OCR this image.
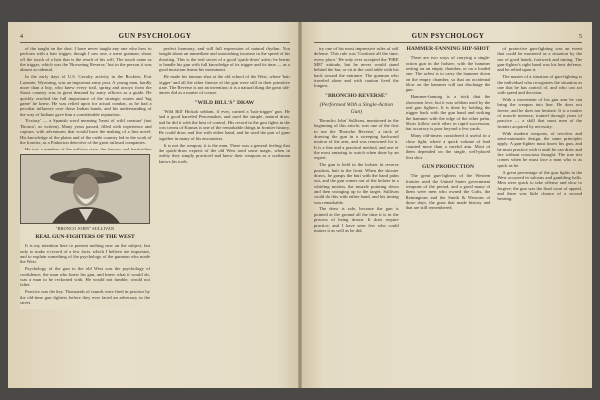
4	GUN PSYCHOLOGY

of the taught on the shot. I have never taught any one who how to perform with a hair trigger, though I saw one, a mere gunman, shoot off the touch of a hair that is the result of his will. The touch came as the trigger, which was the 'Browning Reverse,' but in the person it was almost accidental.

In the early days of U.S. Cavalry activity in the Rockies, Fort Laramie, Wyoming, was an important army post. A young man, hardly more than a boy, who knew every trail, spring and arroyo from the Sioux country was in great demand by army officers as a guide. He quickly reached the full importance of the strategic routes and 'big game' he knew. He was relied upon for actual combat, as he had a peculiar influence over those Indian bands, and his understanding of the way of Indians gave him a considerable reputation.

'Ecstasy' — a Spanish word meaning 'beast of wild creature' (not 'Bronco', as written). Many years passed, filled with experience and capture, with adventures that would have the making of a fine novel. His knowledge of the plains and of the cattle country led to the work of the frontier, as a Pinkerton detective of the great railroad companies.

perfect harmony, and will full expression of natural rhythm. You bought about an immediate and astonishing increase in the speed of his shooting. This is the real secret of a good 'quick-draw' artist; he learns to handle his gun with full knowledge of its trigger and its time — as a good musician learns his instrument.

He made his famous shot at the old school of the West, where 'hair trigger' and all the other finesse of the gun were still in their primitive state. The Reverse is not an invention; it is a natural thing the great old-timers did as a matter of course.

"WILD BILL'S" DRAW

'Wild Bill' Hickok seldom, if ever, carried a 'hair-trigger' gun. He had a good barreled Peacemaker, and used the simple, natural draw, and he did it with the best of control. His record in the gun fights in the cow towns of Kansas is one of the remarkable things in frontier history. He could draw and fire with either hand, and he used the pair of guns together in many of his encounters.

It is not the weapon; it is the man. There was a general feeling that the quick-draw experts of the old West used some magic, when in reality they simply practiced and knew their weapons as a craftsman knows his tools.

"BRONCO JOHN" SULLIVAN
REAL GUN-FIGHTERS OF THE WEST

It is my intention here to present nothing new on the subject, but only to make a record of a few facts, which I believe are important, and to explain something of the psychology of the gunman who made the West.

Psychology of the gun to the old West was the psychology of confidence; the man who knew his gun, and knew what it would do, was a man to be reckoned with. He would not fumble, would not falter.

Practice was the key. Thousands of rounds were fired in practice by the old-time gun fighters before they ever faced an adversary in the street.

GUN PSYCHOLOGY	5

try one of his most impressive rules of self defense. This rule was 'Confront all the time, every place.' He only ever accepted the 'FIRE ME!' attitude, but he never would stand behind the bar, or sit at the card table with his back toward the entrance. The gunman who traveled alone and with caution lived the longest.

"BRONCHO REVERSE"
(Performed With a Single-Action Gun)

'Broncho John' Sullivan, mentioned in the beginning of this article, was one of the first to use the 'Broncho Reverse,' a trick of drawing the gun in a sweeping backward motion of the arm, and was renowned for it. It is a fine and a practical method, and one of the most amazing to watch when done by an expert.

The gun is held in the holster in reverse position, butt to the front. When the shooter draws, he grasps the butt with the hand palm out, and the gun comes out of the holster in a whirling motion, the muzzle pointing down and then swinging up to the target. Sullivan could do this with either hand, and his timing was remarkable.

The draw is safe, because the gun is pointed at the ground all the time it is in the process of being drawn. It does require practice, and I have seen few who could master it as well as he did.

HAMMER-FANNING HIP-SHOT

There are two ways of carrying a single-action gun in the holster; with the hammer resting on an empty chamber, or on a loaded one. The safest is to carry the hammer down on the empty chamber, so that an accidental blow on the hammer will not discharge the gun.

Hammer-fanning is a trick that the showmen love, but it was seldom used by the real gun fighters. It is done by holding the trigger back with the gun hand and striking the hammer with the edge of the other palm. Shots follow each other in rapid succession, but accuracy is poor beyond a few yards.

Many old-timers considered it useful in a close fight, where a quick volume of lead counted more than a careful aim. Most of them depended on the single, well-placed first shot.

GUN PRODUCTION

The great gun-fighters of the Western frontier used the United States government weapons of the period, and a good many of them were men who owned the Colts, the Remingtons and the Smith & Wessons of those days, the guns that made history and that are still remembered.

of protective gun-fighting was an event that could be mastered as a situation by the use of good hands, footwork and timing. The gun-fighter's right hand was his best defense, and he relied upon it.

The master of a situation of gun-fighting is the individual who recognizes the situation as one that he has control of, and who can act with speed and decision.

With a movement of his gun arm he can bring the weapon into line. He does not freeze, and he does not hesitate. It is a matter of muscle memory, trained through years of practice — a skill that most men of the frontier acquired by necessity.

With modern weapons, of revolver and semi-automatic design, the same principles apply. A gun-fighter must know his gun, and he must practice with it until he can draw and fire without conscious thought. The true test comes when he must face a man who is as quick as he.

A great percentage of the gun fights in the West occurred in saloons and gambling halls. Men were quick to take offense and slow to forgive; the gun was the final court of appeal, and there was little chance of a second hearing.
